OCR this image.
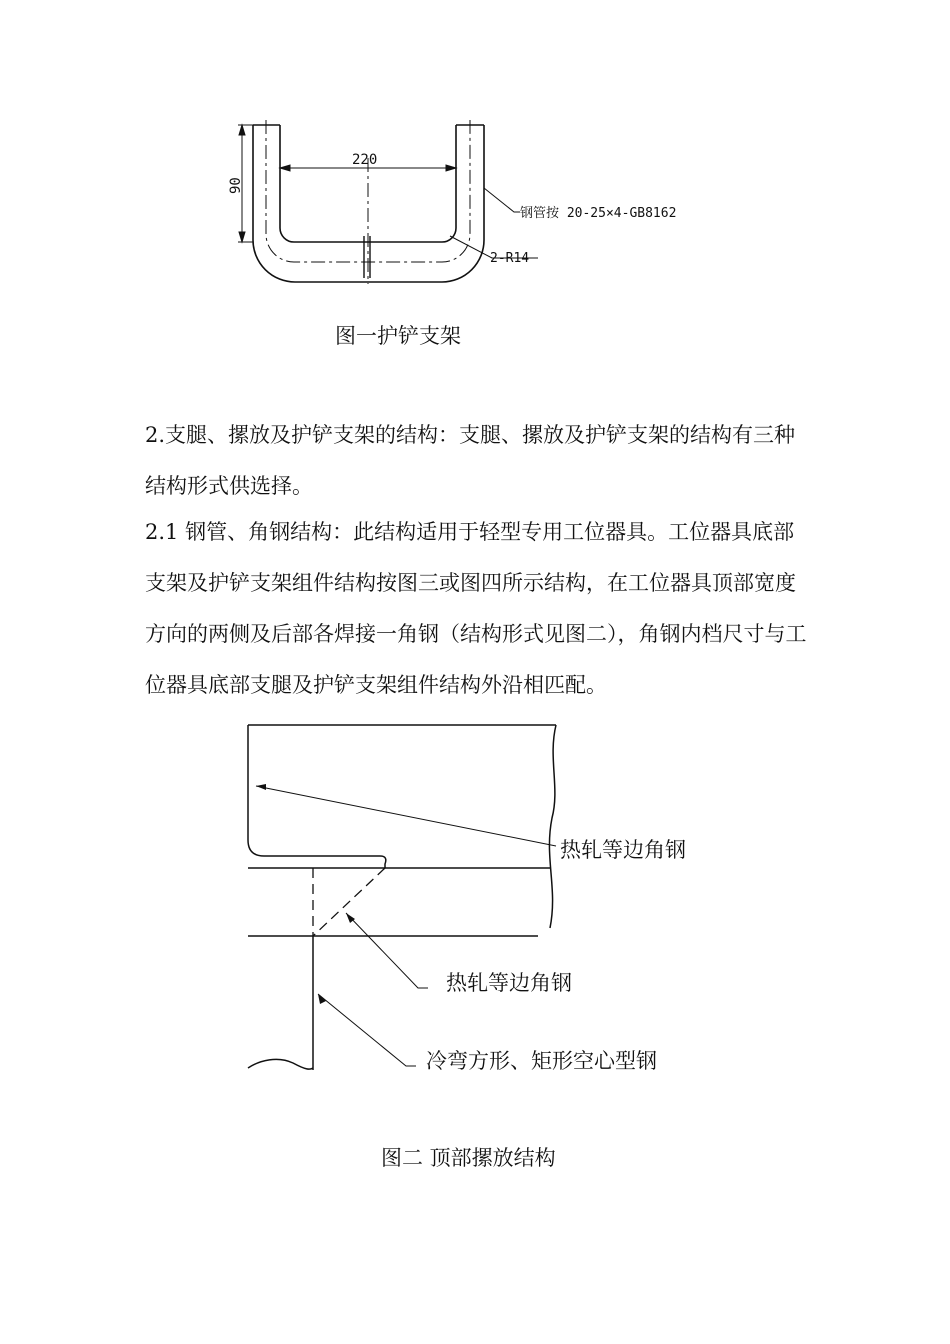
220
90
钢管按 20-25×4-GB8162
2-R14
图一护铲支架

2.支腿、摞放及护铲支架的结构：支腿、摞放及护铲支架的结构有三种结构形式供选择。

2.1 钢管、角钢结构：此结构适用于轻型专用工位器具。工位器具底部支架及护铲支架组件结构按图三或图四所示结构，在工位器具顶部宽度方向的两侧及后部各焊接一角钢（结构形式见图二），角钢内档尺寸与工位器具底部支腿及护铲支架组件结构外沿相匹配。

热轧等边角钢
热轧等边角钢
冷弯方形、矩形空心型钢
图二 顶部摞放结构
